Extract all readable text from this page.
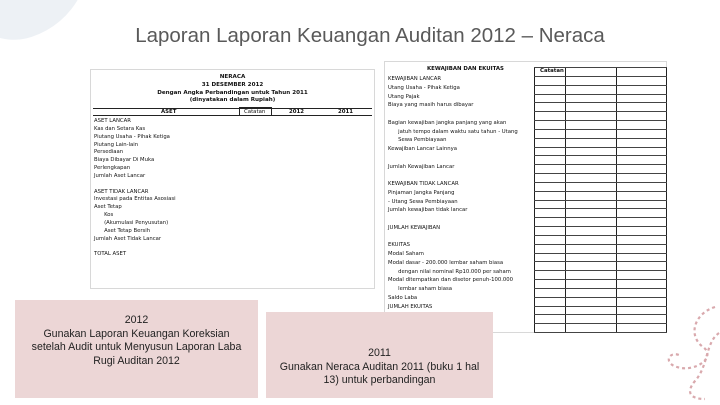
Laporan Laporan Keuangan Auditan 2012 – Neraca
NERACA
31 DESEMBER 2012
Dengan Angka Perbandingan untuk Tahun 2011
(dinyatakan dalam Rupiah)
ASET	Catatan	2012	2011
ASET LANCAR
Kas dan Setara Kas
Piutang Usaha - Pihak Ketiga
Piutang Lain-lain
Persediaan
Biaya Dibayar Di Muka
Perlengkapan
Jumlah Aset Lancar
ASET TIDAK LANCAR
Investasi pada Entitas Asosiasi
Aset Tetap
Kos
(Akumulasi Penyusutan)
Aset Tetap Bersih
Jumlah Aset Tidak Lancar
TOTAL ASET
KEWAJIBAN DAN EKUITAS	Catatan
KEWAJIBAN LANCAR
Utang Usaha - Pihak Ketiga
Utang Pajak
Biaya yang masih harus dibayar
Bagian kewajiban jangka panjang yang akan
jatuh tempo dalam waktu satu tahun - Utang
Sewa Pembiayaan
Kewajiban Lancar Lainnya
Jumlah Kewajiban Lancar
KEWAJIBAN TIDAK LANCAR
Pinjaman Jangka Panjang
- Utang Sewa Pembiayaan
Jumlah kewajiban tidak lancar
JUMLAH KEWAJIBAN
EKUITAS
Modal Saham
Modal dasar - 200.000 lembar saham biasa
dengan nilai nominal Rp10.000 per saham
Modal ditempatkan dan disetor penuh-100.000
lembar saham biasa
Saldo Laba
JUMLAH EKUITAS
2012
Gunakan Laporan Keuangan Koreksian
setelah Audit untuk Menyusun Laporan Laba
Rugi Auditan 2012
2011
Gunakan Neraca Auditan 2011 (buku 1 hal
13) untuk perbandingan
